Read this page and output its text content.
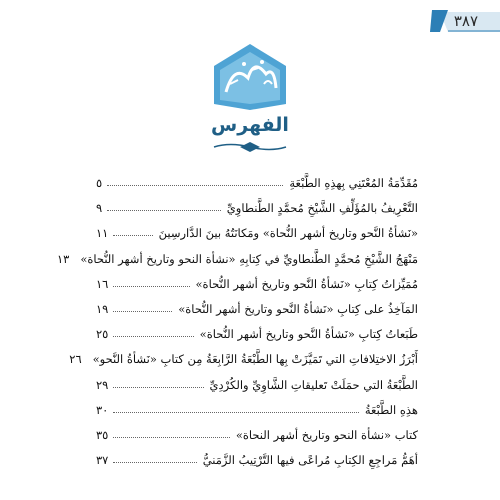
٣٨٧
الفهرس
مُقَدِّمَةُ المُعْتَنِي بِهذِهِ الطَّبْعَةِ
٥
التَّعْرِيفُ بالمُؤَلِّفِ الشَّيْخِ مُحمَّدٍ الطَّنطاوِيِّ
٩
«نَشأةُ النَّحو وتاريخ أشهر النُّحاة» ومَكانَتُهُ بينَ الدَّارسِينَ
١١
مَنْهَجُ الشَّيْخِ مُحمَّدٍ الطَّنطاويِّ في كِتابِهِ «نشأة النحو وتاريخ أشهر النُّحاة»
١٣
مُمَيِّزاتُ كِتابِ «نَشأةُ النَّحو وتاريخ أشهر النُّحاة»
١٦
المَآخِذُ على كِتابِ «نَشأةُ النَّحو وتاريخ أشهر النُّحاة»
١٩
طَبَعاتُ كِتابِ «نَشأةُ النَّحو وتاريخ أشهر النُّحاة»
٢٥
أَبْرَزُ الاختِلافاتِ التي تَمَيَّزَتْ بِها الطَّبْعَةُ الرَّابِعَةُ مِن كتابِ «نَشأةُ النَّحو»
٢٦
الطَّبْعَةُ التي حمَلَتْ تَعليقاتِ الشَّاوِيِّ والكُرْدِيِّ
٢٩
هذِهِ الطَّبْعَةُ
٣٠
كتاب «نشأة النحو وتاريخ أشهر النحاة»
٣٥
أهَمُّ مَراجِعِ الكِتابِ مُراعًى فيها التَّرْتِيبُ الزَّمَنيُّ
٣٧
